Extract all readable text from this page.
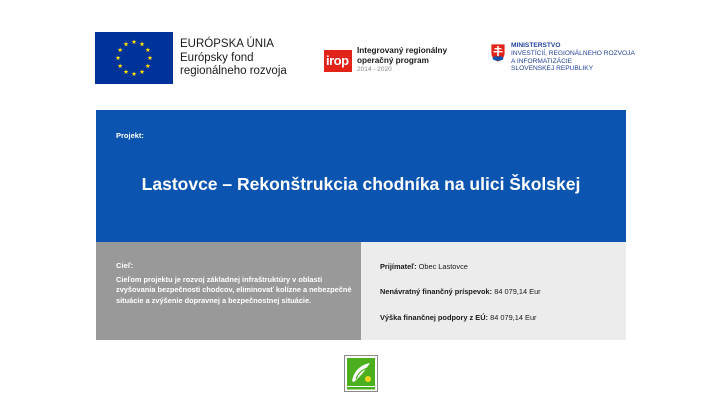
EURÓPSKA ÚNIA
Európsky fond
regionálneho rozvoja
irop
Integrovaný regionálny
operačný program
2014 - 2020
MINISTERSTVO
INVESTÍCIÍ, REGIONÁLNEHO ROZVOJA
A INFORMATIZÁCIE
SLOVENSKEJ REPUBLIKY
Projekt:
Lastovce – Rekonštrukcia chodníka na ulici Školskej
Cieľ:
Cieľom projektu je rozvoj základnej infraštruktúry v oblasti zvyšovania bezpečnosti chodcov, eliminovať kolízne a nebezpečné situácie a zvýšenie dopravnej a bezpečnostnej situácie.
Prijímateľ: Obec Lastovce
Nenávratný finančný príspevok: 84 079,14 Eur
Výška finančnej podpory z EÚ: 84 079,14 Eur
